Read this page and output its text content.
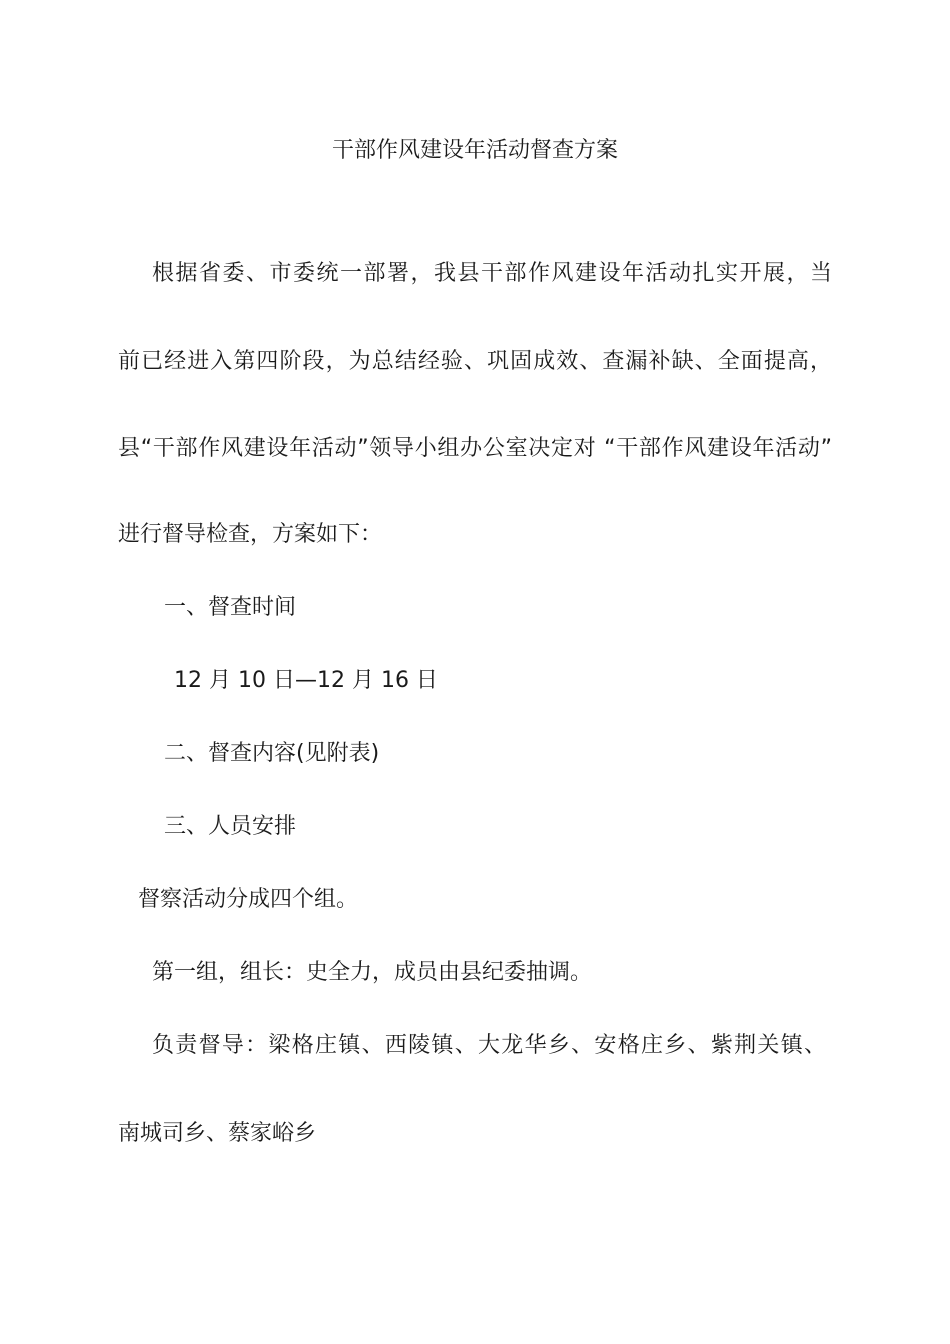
干部作风建设年活动督查方案
根据省委、市委统一部署，我县干部作风建设年活动扎实开展，当
前已经进入第四阶段，为总结经验、巩固成效、查漏补缺、全面提高，
县“干部作风建设年活动”领导小组办公室决定对 “干部作风建设年活动”
进行督导检查，方案如下：
一、督查时间
12 月 10 日—12 月 16 日
二、督查内容(见附表)
三、人员安排
督察活动分成四个组。
第一组，组长：史全力，成员由县纪委抽调。
负责督导：梁格庄镇、西陵镇、大龙华乡、安格庄乡、紫荆关镇、
南城司乡、蔡家峪乡
